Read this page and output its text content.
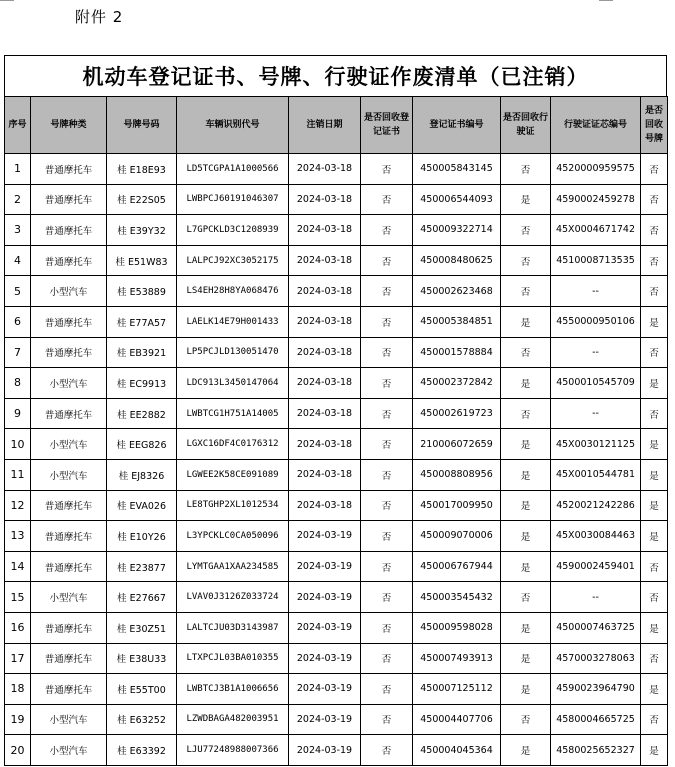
附件 2
机动车登记证书、号牌、行驶证作废清单（已注销）
序号	号牌种类	号牌号码	车辆识别代号	注销日期	是否回收登记证书	登记证书编号	是否回收行驶证	行驶证证芯编号	是否回收号牌
1	普通摩托车	桂 E18E93	LD5TCGPA1A1000566	2024-03-18	否	450005843145	否	4520000959575	否
2	普通摩托车	桂 E22S05	LWBPCJ60191046307	2024-03-18	否	450006544093	是	4590002459278	否
3	普通摩托车	桂 E39Y32	L7GPCKLD3C1208939	2024-03-18	否	450009322714	否	45X0004671742	否
4	普通摩托车	桂 E51W83	LALPCJ92XC3052175	2024-03-18	否	450008480625	否	4510008713535	否
5	小型汽车	桂 E53889	LS4EH28H8YA068476	2024-03-18	否	450002623468	否	--	否
6	普通摩托车	桂 E77A57	LAELK14E79H001433	2024-03-18	否	450005384851	是	4550000950106	是
7	普通摩托车	桂 EB3921	LP5PCJLD130051470	2024-03-18	否	450001578884	否	--	否
8	小型汽车	桂 EC9913	LDC913L3450147064	2024-03-18	否	450002372842	是	4500010545709	是
9	普通摩托车	桂 EE2882	LWBTCG1H751A14005	2024-03-18	否	450002619723	否	--	否
10	小型汽车	桂 EEG826	LGXC16DF4C0176312	2024-03-18	否	210006072659	是	45X0030121125	是
11	小型汽车	桂 EJ8326	LGWEE2K58CE091089	2024-03-18	否	450008808956	是	45X0010544781	是
12	普通摩托车	桂 EVA026	LE8TGHP2XL1012534	2024-03-18	否	450017009950	是	4520021242286	是
13	普通摩托车	桂 E10Y26	L3YPCKLC0CA050096	2024-03-19	否	450009070006	是	45X0030084463	是
14	普通摩托车	桂 E23877	LYMTGAA1XAA234585	2024-03-19	否	450006767944	是	4590002459401	否
15	小型汽车	桂 E27667	LVAV0J3126Z033724	2024-03-19	否	450003545432	否	--	否
16	普通摩托车	桂 E30Z51	LALTCJU03D3143987	2024-03-19	否	450009598028	是	4500007463725	是
17	普通摩托车	桂 E38U33	LTXPCJL03BA010355	2024-03-19	否	450007493913	是	4570003278063	否
18	普通摩托车	桂 E55T00	LWBTCJ3B1A1006656	2024-03-19	否	450007125112	是	4590023964790	是
19	小型汽车	桂 E63252	LZWDBAGA482003951	2024-03-19	否	450004407706	否	4580004665725	否
20	小型汽车	桂 E63392	LJU77248988007366	2024-03-19	否	450004045364	是	4580025652327	是
